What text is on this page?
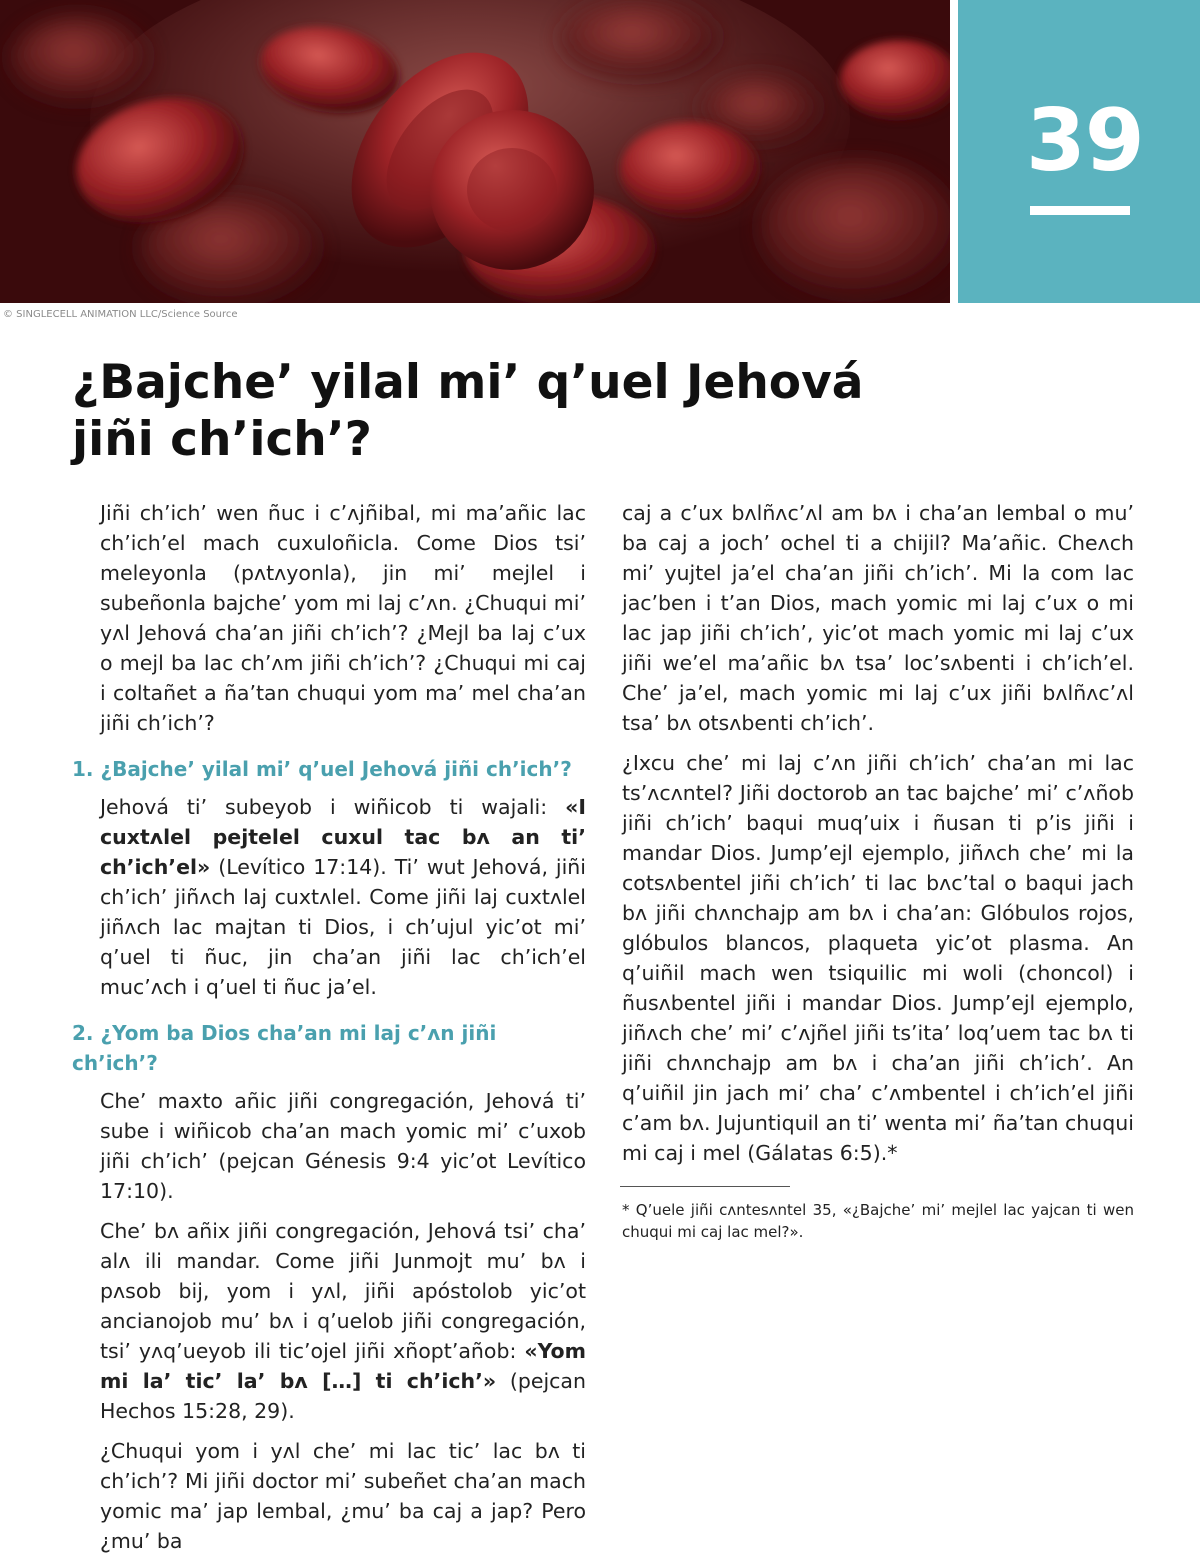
39
© SINGLECELL ANIMATION LLC/Science Source
¿Bajche’ yilal mi’ q’uel Jehová jiñi ch’ich’?

Jiñi ch’ich’ wen ñuc i c’ʌjñibal, mi ma’añic lac ch’ich’el mach cuxuloñicla. Come Dios tsi’ meleyonla (pʌtʌyonla), jin mi’ mejlel i subeñonla bajche’ yom mi laj c’ʌn. ¿Chuqui mi’ yʌl Jehová cha’an jiñi ch’ich’? ¿Mejl ba laj c’ux o mejl ba lac ch’ʌm jiñi ch’ich’? ¿Chuqui mi caj i coltañet a ña’tan chuqui yom ma’ mel cha’an jiñi ch’ich’?

1. ¿Bajche’ yilal mi’ q’uel Jehová jiñi ch’ich’?

Jehová ti’ subeyob i wiñicob ti wajali: «I cuxtʌlel pejtelel cuxul tac bʌ an ti’ ch’ich’el» (Levítico 17:14). Ti’ wut Jehová, jiñi ch’ich’ jiñʌch laj cuxtʌlel. Come jiñi laj cuxtʌlel jiñʌch lac majtan ti Dios, i ch’ujul yic’ot mi’ q’uel ti ñuc, jin cha’an jiñi lac ch’ich’el muc’ʌch i q’uel ti ñuc ja’el.

2. ¿Yom ba Dios cha’an mi laj c’ʌn jiñi ch’ich’?

Che’ maxto añic jiñi congregación, Jehová ti’ sube i wiñicob cha’an mach yomic mi’ c’uxob jiñi ch’ich’ (pejcan Génesis 9:4 yic’ot Levítico 17:10).

Che’ bʌ añix jiñi congregación, Jehová tsi’ cha’ alʌ ili mandar. Come jiñi Junmojt mu’ bʌ i pʌsob bij, yom i yʌl, jiñi apóstolob yic’ot ancianojob mu’ bʌ i q’uelob jiñi congregación, tsi’ yʌq’ueyob ili tic’ojel jiñi xñopt’añob: «Yom mi la’ tic’ la’ bʌ […] ti ch’ich’» (pejcan Hechos 15:28, 29).

¿Chuqui yom i yʌl che’ mi lac tic’ lac bʌ ti ch’ich’? Mi jiñi doctor mi’ subeñet cha’an mach yomic ma’ jap lembal, ¿mu’ ba caj a jap? Pero ¿mu’ ba

caj a c’ux bʌlñʌc’ʌl am bʌ i cha’an lembal o mu’ ba caj a joch’ ochel ti a chijil? Ma’añic. Cheʌch mi’ yujtel ja’el cha’an jiñi ch’ich’. Mi la com lac jac’ben i t’an Dios, mach yomic mi laj c’ux o mi lac jap jiñi ch’ich’, yic’ot mach yomic mi laj c’ux jiñi we’el ma’añic bʌ tsa’ loc’sʌbenti i ch’ich’el. Che’ ja’el, mach yomic mi laj c’ux jiñi bʌlñʌc’ʌl tsa’ bʌ otsʌbenti ch’ich’.

¿Ixcu che’ mi laj c’ʌn jiñi ch’ich’ cha’an mi lac ts’ʌcʌntel? Jiñi doctorob an tac bajche’ mi’ c’ʌñob jiñi ch’ich’ baqui muq’uix i ñusan ti p’is jiñi i mandar Dios. Jump’ejl ejemplo, jiñʌch che’ mi la cotsʌbentel jiñi ch’ich’ ti lac bʌc’tal o baqui jach bʌ jiñi chʌnchajp am bʌ i cha’an: Glóbulos rojos, glóbulos blancos, plaqueta yic’ot plasma. An q’uiñil mach wen tsiquilic mi woli (choncol) i ñusʌbentel jiñi i mandar Dios. Jump’ejl ejemplo, jiñʌch che’ mi’ c’ʌjñel jiñi ts’ita’ loq’uem tac bʌ ti jiñi chʌnchajp am bʌ i cha’an jiñi ch’ich’. An q’uiñil jin jach mi’ cha’ c’ʌmbentel i ch’ich’el jiñi c’am bʌ. Jujuntiquil an ti’ wenta mi’ ña’tan chuqui mi caj i mel (Gálatas 6:5).*

* Q’uele jiñi cʌntesʌntel 35, «¿Bajche’ mi’ mejlel lac yajcan ti wen chuqui mi caj lac mel?».
